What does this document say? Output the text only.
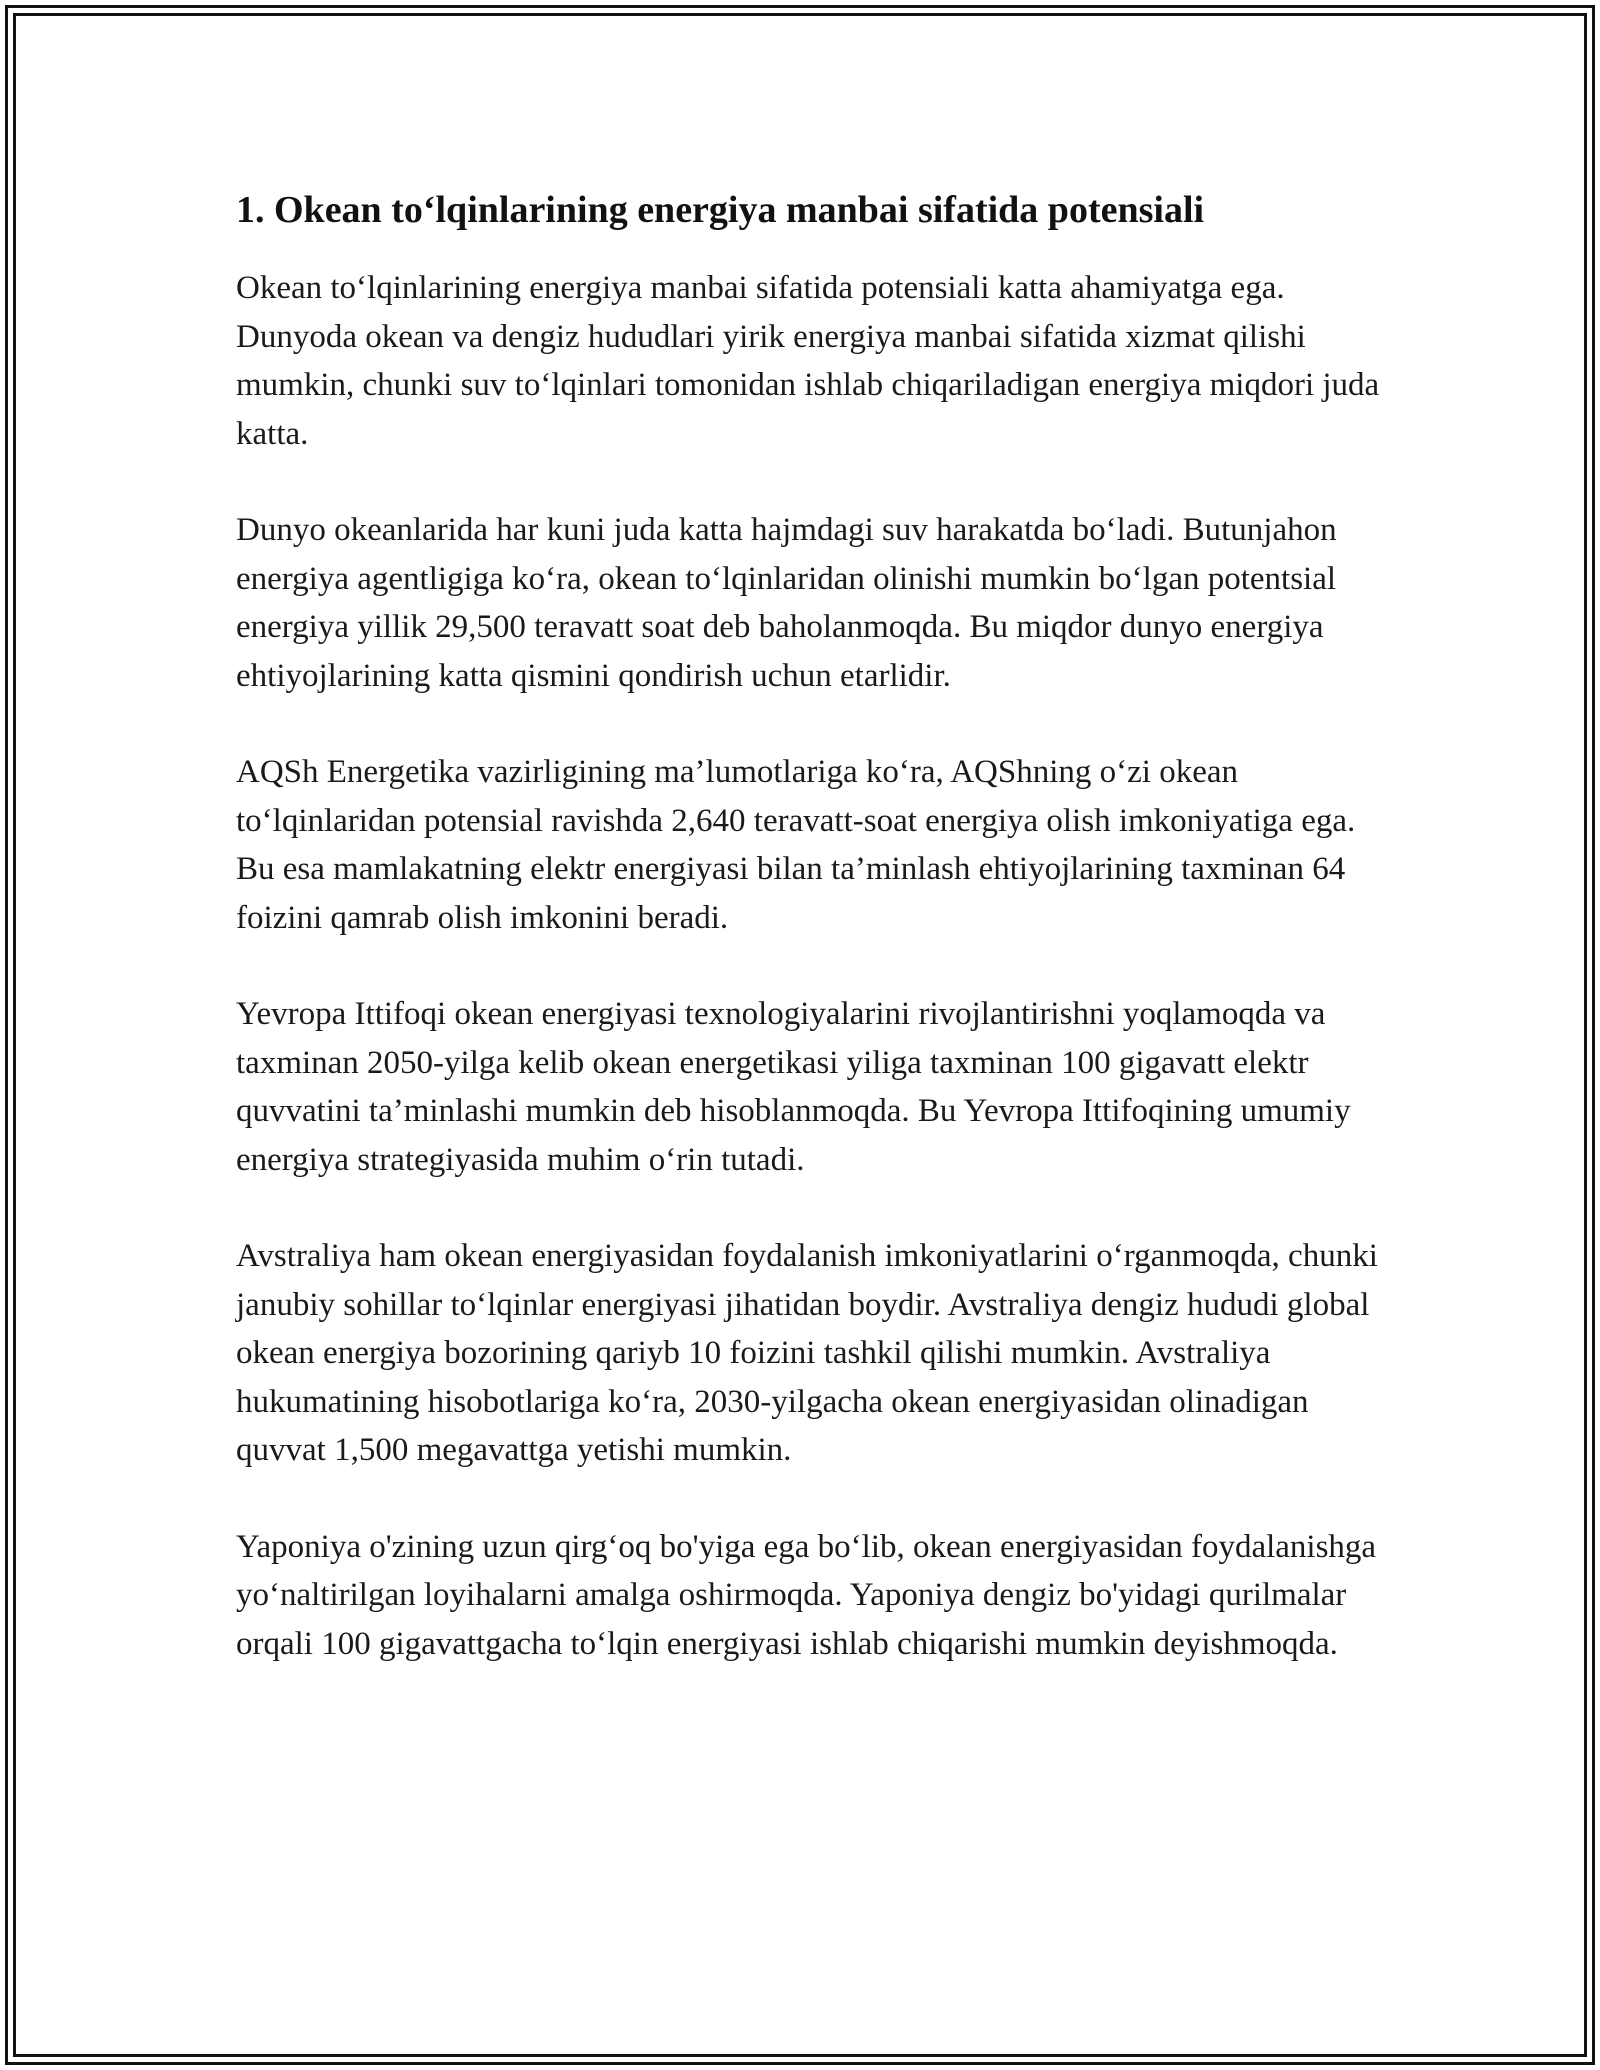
1. Okean to‘lqinlarining energiya manbai sifatida potensiali

Okean to‘lqinlarining energiya manbai sifatida potensiali katta ahamiyatga ega. Dunyoda okean va dengiz hududlari yirik energiya manbai sifatida xizmat qilishi mumkin, chunki suv to‘lqinlari tomonidan ishlab chiqariladigan energiya miqdori juda katta.

Dunyo okeanlarida har kuni juda katta hajmdagi suv harakatda bo‘ladi. Butunjahon energiya agentligiga ko‘ra, okean to‘lqinlaridan olinishi mumkin bo‘lgan potentsial energiya yillik 29,500 teravatt soat deb baholanmoqda. Bu miqdor dunyo energiya ehtiyojlarining katta qismini qondirish uchun etarlidir.

AQSh Energetika vazirligining ma’lumotlariga ko‘ra, AQShning o‘zi okean to‘lqinlaridan potensial ravishda 2,640 teravatt-soat energiya olish imkoniyatiga ega. Bu esa mamlakatning elektr energiyasi bilan ta’minlash ehtiyojlarining taxminan 64 foizini qamrab olish imkonini beradi.

Yevropa Ittifoqi okean energiyasi texnologiyalarini rivojlantirishni yoqlamoqda va taxminan 2050-yilga kelib okean energetikasi yiliga taxminan 100 gigavatt elektr quvvatini ta’minlashi mumkin deb hisoblanmoqda. Bu Yevropa Ittifoqining umumiy energiya strategiyasida muhim o‘rin tutadi.

Avstraliya ham okean energiyasidan foydalanish imkoniyatlarini o‘rganmoqda, chunki janubiy sohillar to‘lqinlar energiyasi jihatidan boydir. Avstraliya dengiz hududi global okean energiya bozorining qariyb 10 foizini tashkil qilishi mumkin. Avstraliya hukumatining hisobotlariga ko‘ra, 2030-yilgacha okean energiyasidan olinadigan quvvat 1,500 megavattga yetishi mumkin.

Yaponiya o'zining uzun qirg‘oq bo'yiga ega bo‘lib, okean energiyasidan foydalanishga yo‘naltirilgan loyihalarni amalga oshirmoqda. Yaponiya dengiz bo'yidagi qurilmalar orqali 100 gigavattgacha to‘lqin energiyasi ishlab chiqarishi mumkin deyishmoqda.
